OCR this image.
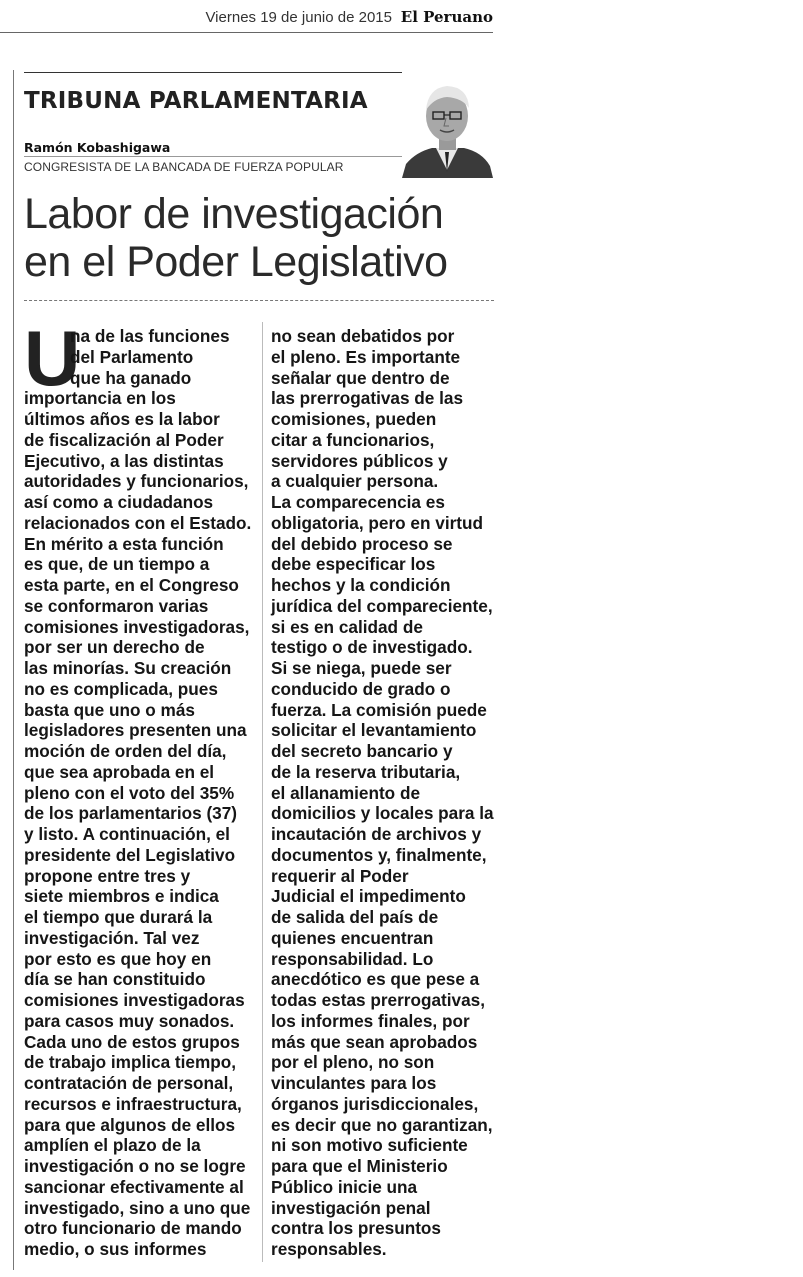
Viernes 19 de junio de 2015 El Peruano
TRIBUNA PARLAMENTARIA
Ramón Kobashigawa
CONGRESISTA DE LA BANCADA DE FUERZA POPULAR
Labor de investigación
en el Poder Legislativo
U
na de las funciones
del Parlamento
que ha ganado
importancia en los
últimos años es la labor
de fiscalización al Poder
Ejecutivo, a las distintas
autoridades y funcionarios,
así como a ciudadanos
relacionados con el Estado.
En mérito a esta función
es que, de un tiempo a
esta parte, en el Congreso
se conformaron varias
comisiones investigadoras,
por ser un derecho de
las minorías. Su creación
no es complicada, pues
basta que uno o más
legisladores presenten una
moción de orden del día,
que sea aprobada en el
pleno con el voto del 35%
de los parlamentarios (37)
y listo. A continuación, el
presidente del Legislativo
propone entre tres y
siete miembros e indica
el tiempo que durará la
investigación. Tal vez
por esto es que hoy en
día se han constituido
comisiones investigadoras
para casos muy sonados.
Cada uno de estos grupos
de trabajo implica tiempo,
contratación de personal,
recursos e infraestructura,
para que algunos de ellos
amplíen el plazo de la
investigación o no se logre
sancionar efectivamente al
investigado, sino a uno que
otro funcionario de mando
medio, o sus informes
no sean debatidos por
el pleno. Es importante
señalar que dentro de
las prerrogativas de las
comisiones, pueden
citar a funcionarios,
servidores públicos y
a cualquier persona.
La comparecencia es
obligatoria, pero en virtud
del debido proceso se
debe especificar los
hechos y la condición
jurídica del compareciente,
si es en calidad de
testigo o de investigado.
Si se niega, puede ser
conducido de grado o
fuerza. La comisión puede
solicitar el levantamiento
del secreto bancario y
de la reserva tributaria,
el allanamiento de
domicilios y locales para la
incautación de archivos y
documentos y, finalmente,
requerir al Poder
Judicial el impedimento
de salida del país de
quienes encuentran
responsabilidad. Lo
anecdótico es que pese a
todas estas prerrogativas,
los informes finales, por
más que sean aprobados
por el pleno, no son
vinculantes para los
órganos jurisdiccionales,
es decir que no garantizan,
ni son motivo suficiente
para que el Ministerio
Público inicie una
investigación penal
contra los presuntos
responsables.
